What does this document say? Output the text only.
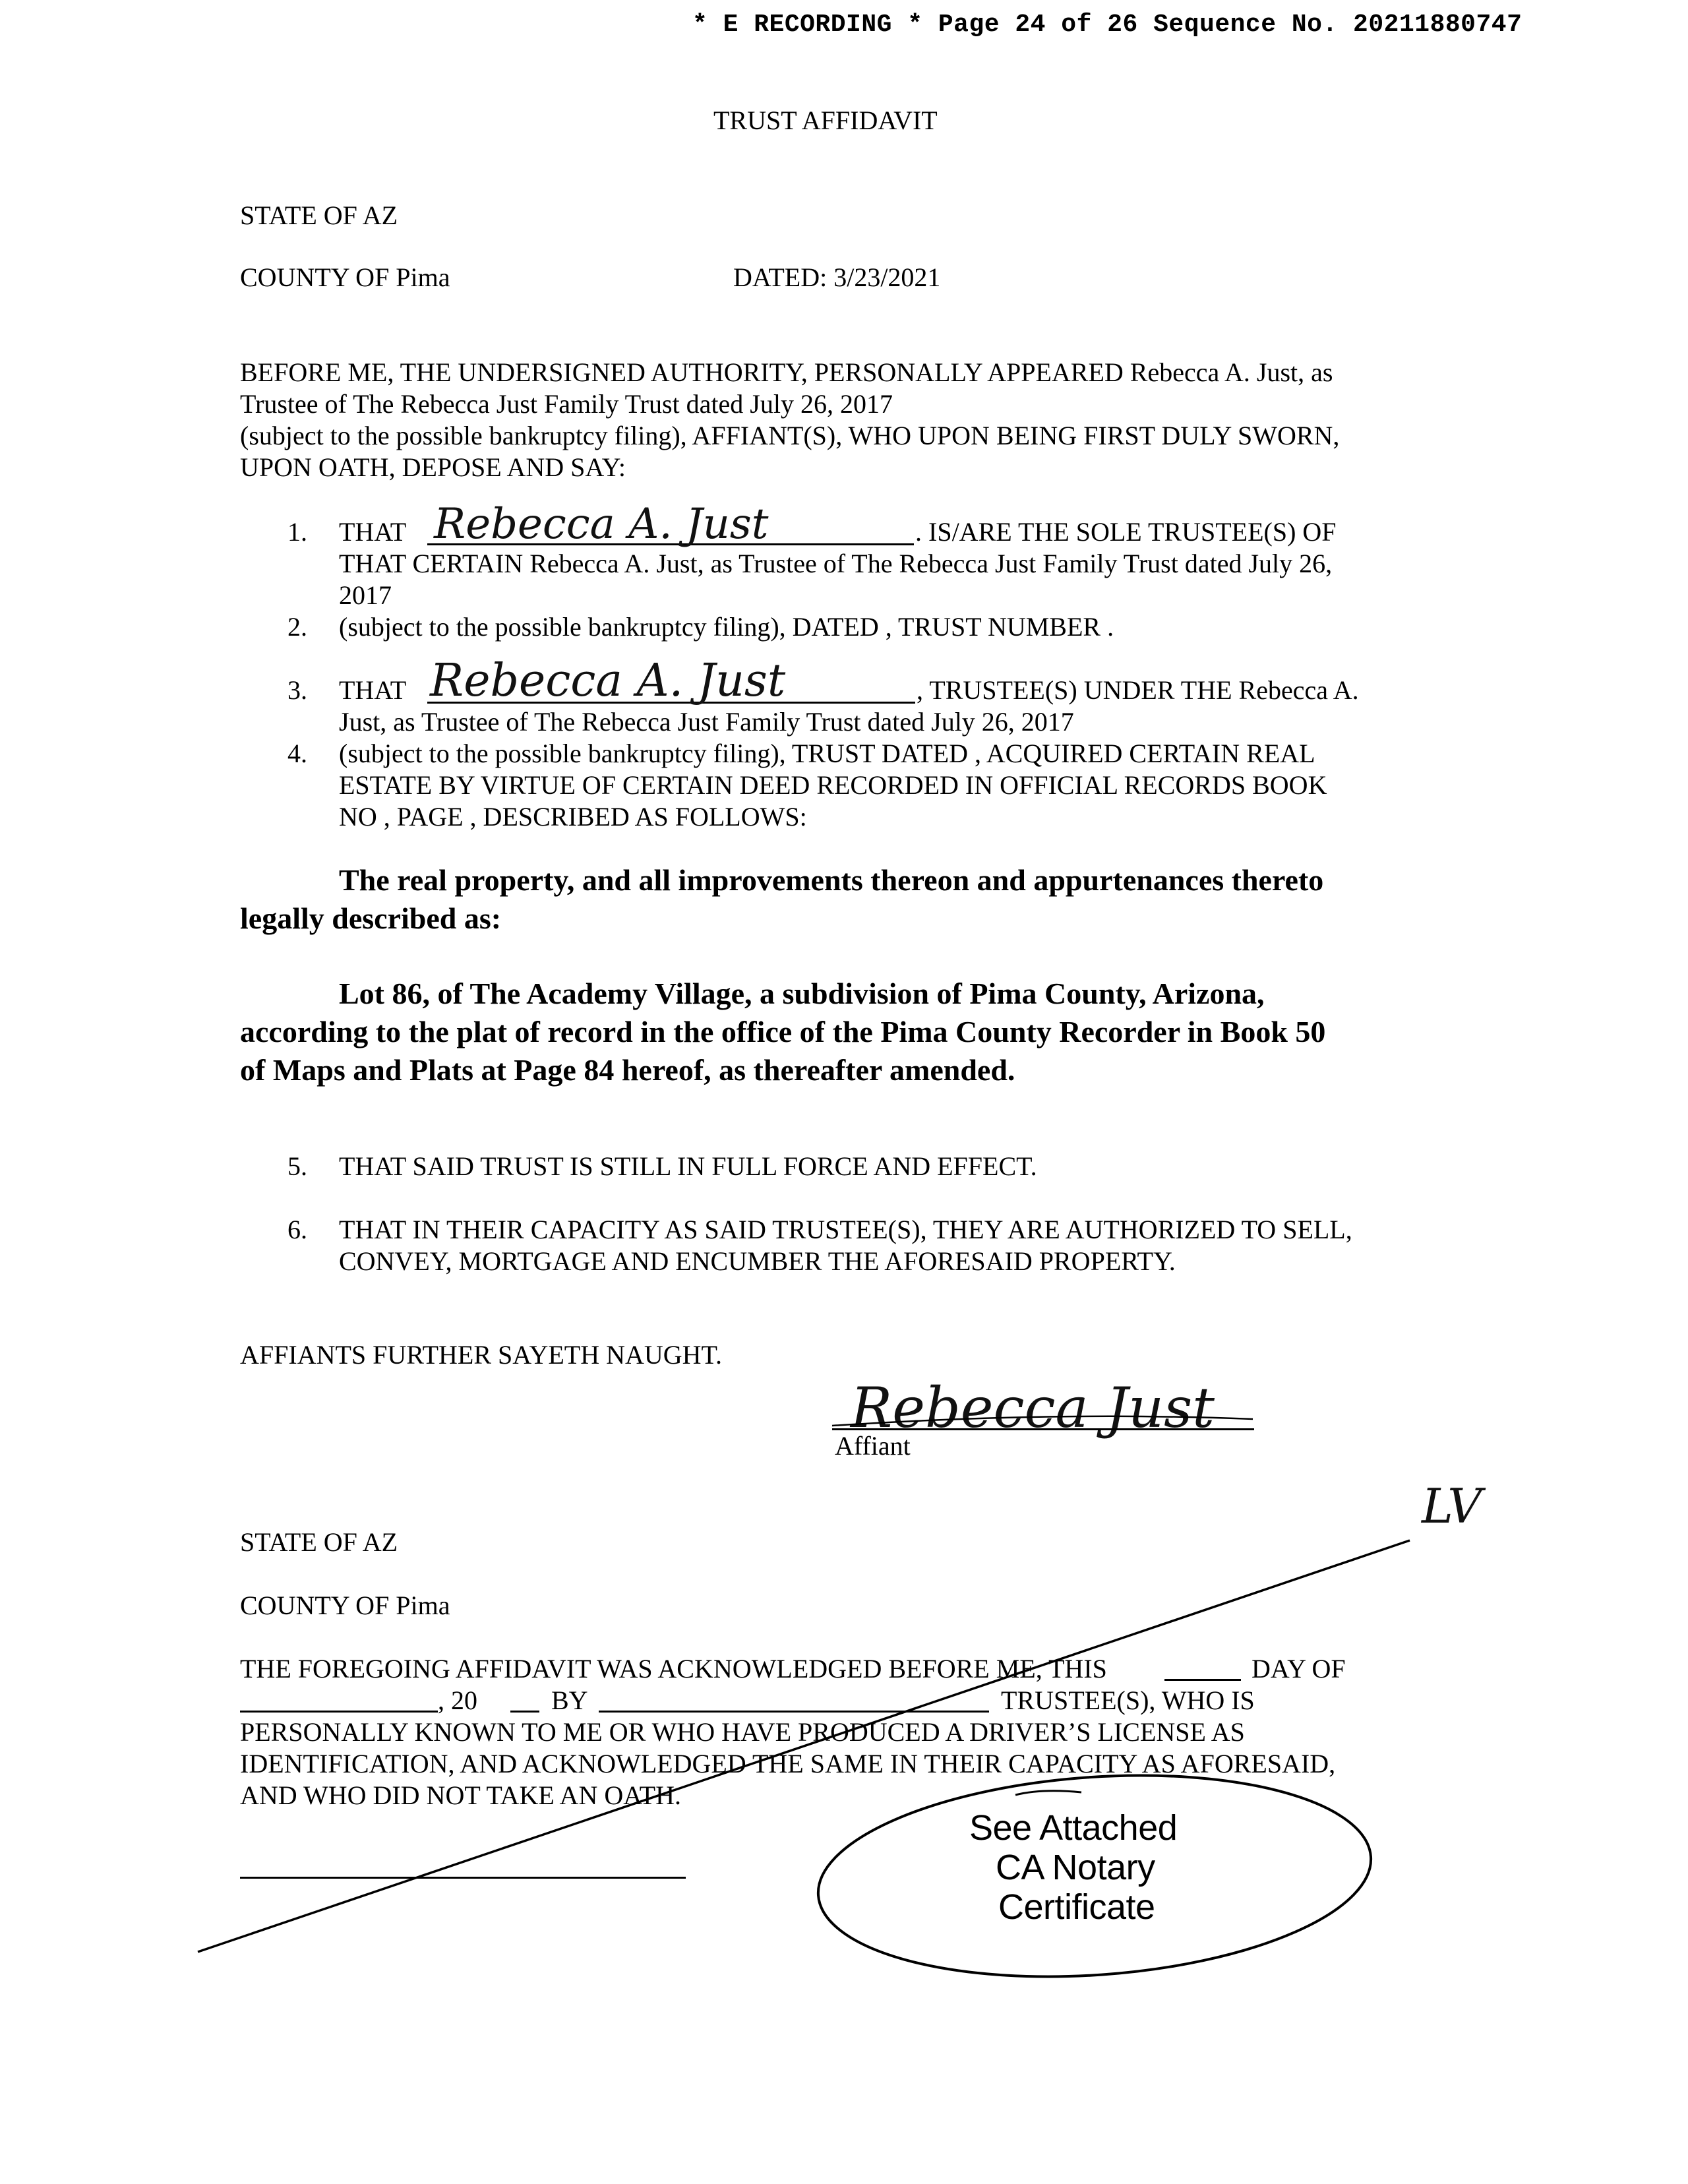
* E RECORDING * Page 24 of 26 Sequence No. 20211880747
TRUST AFFIDAVIT
STATE OF AZ
COUNTY OF Pima	DATED: 3/23/2021
BEFORE ME, THE UNDERSIGNED AUTHORITY, PERSONALLY APPEARED Rebecca A. Just, as
Trustee of The Rebecca Just Family Trust dated July 26, 2017
(subject to the possible bankruptcy filing), AFFIANT(S), WHO UPON BEING FIRST DULY SWORN,
UPON OATH, DEPOSE AND SAY:
1. THAT Rebecca A. Just	. IS/ARE THE SOLE TRUSTEE(S) OF
THAT CERTAIN Rebecca A. Just, as Trustee of The Rebecca Just Family Trust dated July 26,
2017
2. (subject to the possible bankruptcy filing), DATED , TRUST NUMBER .
3. THAT Rebecca A. Just	, TRUSTEE(S) UNDER THE Rebecca A.
Just, as Trustee of The Rebecca Just Family Trust dated July 26, 2017
4. (subject to the possible bankruptcy filing), TRUST DATED , ACQUIRED CERTAIN REAL
ESTATE BY VIRTUE OF CERTAIN DEED RECORDED IN OFFICIAL RECORDS BOOK
NO , PAGE , DESCRIBED AS FOLLOWS:
The real property, and all improvements thereon and appurtenances thereto
legally described as:
Lot 86, of The Academy Village, a subdivision of Pima County, Arizona,
according to the plat of record in the office of the Pima County Recorder in Book 50
of Maps and Plats at Page 84 hereof, as thereafter amended.
5. THAT SAID TRUST IS STILL IN FULL FORCE AND EFFECT.
6. THAT IN THEIR CAPACITY AS SAID TRUSTEE(S), THEY ARE AUTHORIZED TO SELL,
CONVEY, MORTGAGE AND ENCUMBER THE AFORESAID PROPERTY.
AFFIANTS FURTHER SAYETH NAUGHT.
Rebecca Just
Affiant
LV
STATE OF AZ
COUNTY OF Pima
THE FOREGOING AFFIDAVIT WAS ACKNOWLEDGED BEFORE ME, THIS	DAY OF
, 20	BY	TRUSTEE(S), WHO IS
PERSONALLY KNOWN TO ME OR WHO HAVE PRODUCED A DRIVER’S LICENSE AS
IDENTIFICATION, AND ACKNOWLEDGED THE SAME IN THEIR CAPACITY AS AFORESAID,
AND WHO DID NOT TAKE AN OATH.
See Attached
CA Notary
Certificate
